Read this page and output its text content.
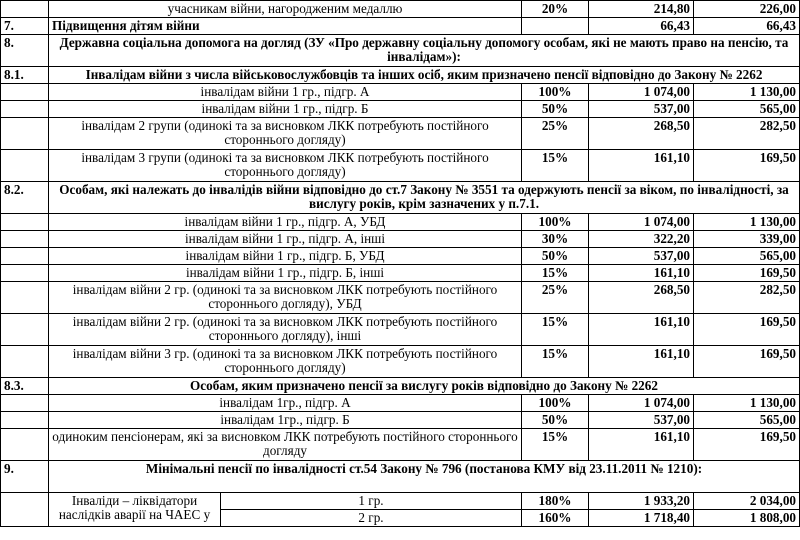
	учасникам війни, нагородженим медаллю		20%	214,80	226,00
7.	Підвищення дітям війни			66,43	66,43
8.	Державна соціальна допомога на догляд (ЗУ «Про державну соціальну допомогу особам, які не мають право на пенсію, та інвалідам»):				
8.1.	Інвалідам війни з числа військовослужбовців та інших осіб, яким призначено пенсії відповідно до Закону № 2262				
	інвалідам війни 1 гр., підгр. А		100%	1 074,00	1 130,00
	інвалідам війни 1 гр., підгр. Б		50%	537,00	565,00
	інвалідам 2 групи (одинокі та за висновком ЛКК потребують постійного стороннього догляду)		25%	268,50	282,50
	інвалідам 3 групи (одинокі та за висновком ЛКК потребують постійного стороннього догляду)		15%	161,10	169,50
8.2.	Особам, які належать до інвалідів війни відповідно до ст.7 Закону № 3551 та одержують пенсії за віком, по інвалідності, за вислугу років, крім зазначених у п.7.1.				
	інвалідам війни 1 гр., підгр. А, УБД		100%	1 074,00	1 130,00
	інвалідам війни 1 гр., підгр. А, інші		30%	322,20	339,00
	інвалідам війни 1 гр., підгр. Б, УБД		50%	537,00	565,00
	інвалідам війни 1 гр., підгр. Б, інші		15%	161,10	169,50
	інвалідам війни 2 гр. (одинокі та за висновком ЛКК потребують постійного стороннього догляду), УБД		25%	268,50	282,50
	інвалідам війни 2 гр. (одинокі та за висновком ЛКК потребують постійного стороннього догляду), інші		15%	161,10	169,50
	інвалідам війни 3 гр. (одинокі та за висновком ЛКК потребують постійного стороннього догляду)		15%	161,10	169,50
8.3.	Особам, яким призначено пенсії за вислугу років відповідно до Закону № 2262				
	інвалідам 1гр., підгр. А		100%	1 074,00	1 130,00
	інвалідам 1гр., підгр. Б		50%	537,00	565,00
	одиноким пенсіонерам, які за висновком ЛКК потребують постійного стороннього догляду		15%	161,10	169,50
9.	Мінімальні пенсії по інвалідності ст.54 Закону № 796 (постанова КМУ від 23.11.2011 № 1210):				
	Інваліди – ліквідатори наслідків аварії на ЧАЕС у	1 гр.	180%	1 933,20	2 034,00
		2 гр.	160%	1 718,40	1 808,00
